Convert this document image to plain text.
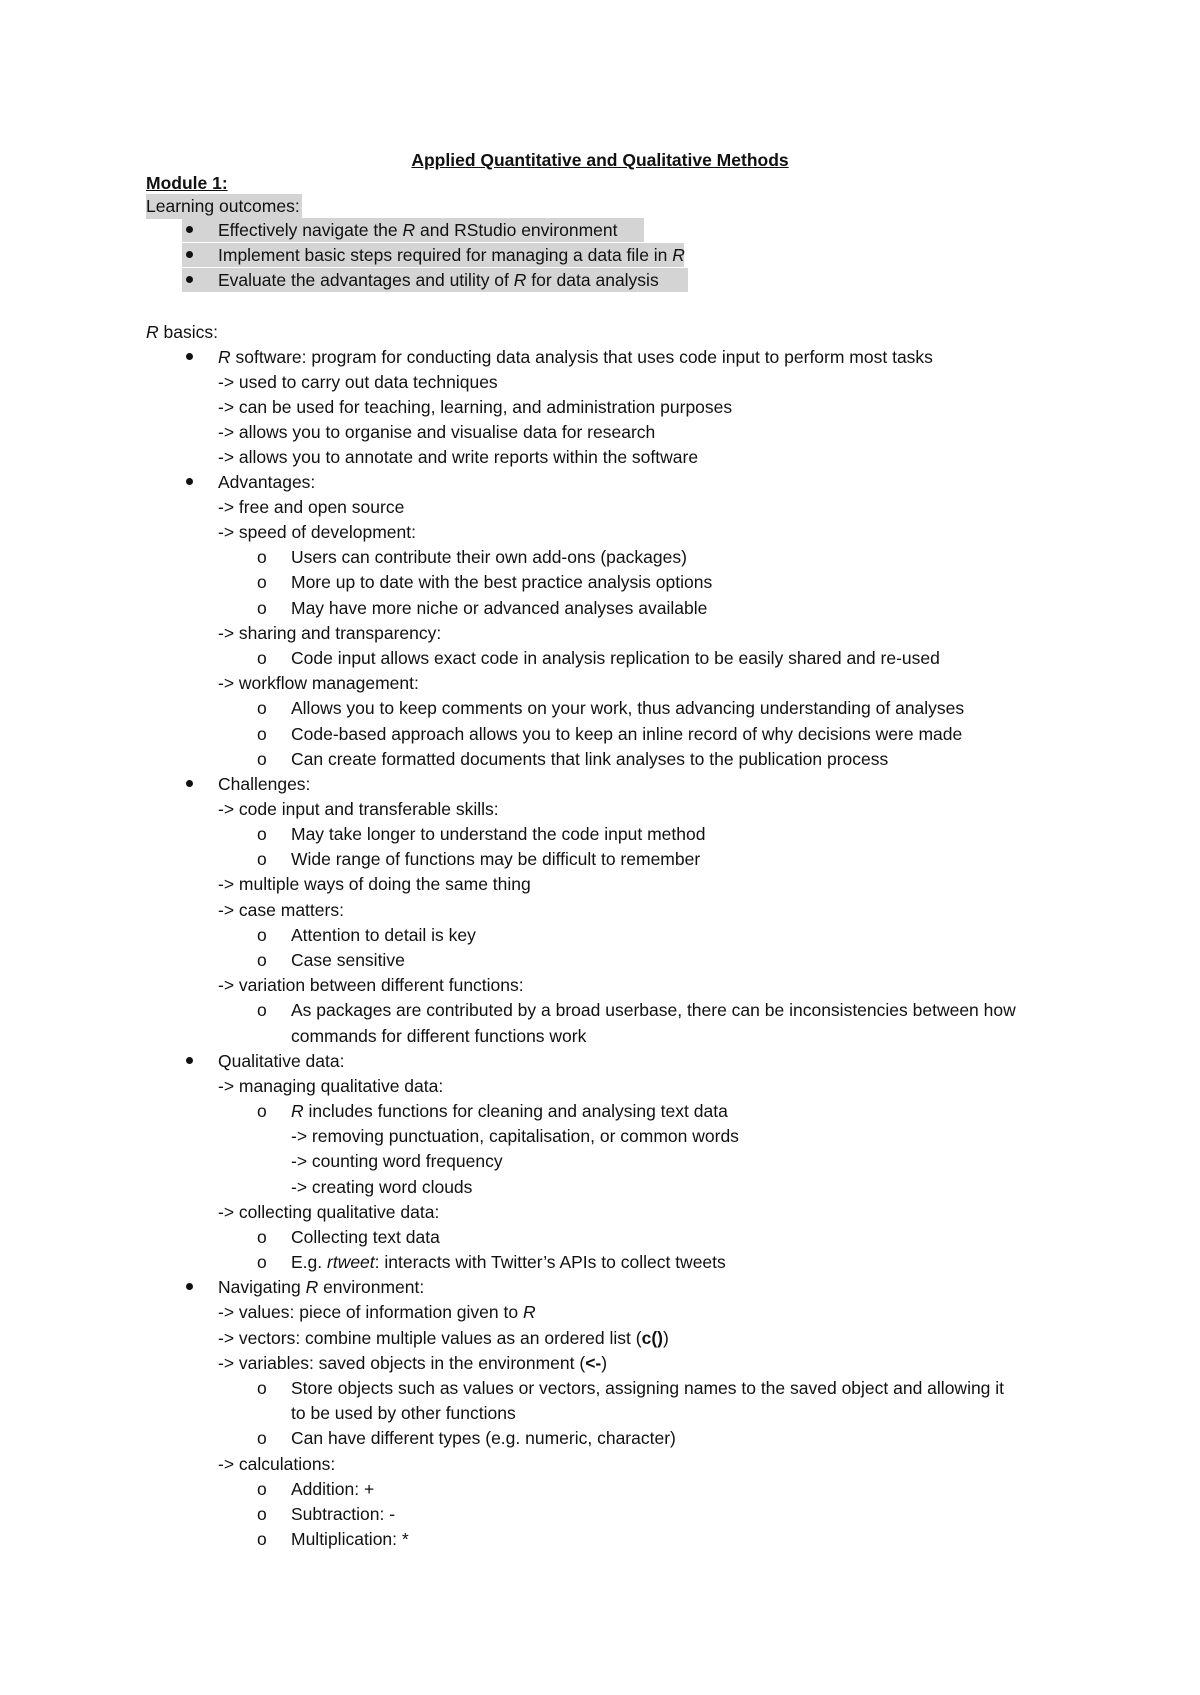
Applied Quantitative and Qualitative Methods
Module 1:
Learning outcomes:
Effectively navigate the R and RStudio environment
Implement basic steps required for managing a data file in R
Evaluate the advantages and utility of R for data analysis
R basics:
R software: program for conducting data analysis that uses code input to perform most tasks
-> used to carry out data techniques
-> can be used for teaching, learning, and administration purposes
-> allows you to organise and visualise data for research
-> allows you to annotate and write reports within the software
Advantages:
-> free and open source
-> speed of development:
o Users can contribute their own add-ons (packages)
o More up to date with the best practice analysis options
o May have more niche or advanced analyses available
-> sharing and transparency:
o Code input allows exact code in analysis replication to be easily shared and re-used
-> workflow management:
o Allows you to keep comments on your work, thus advancing understanding of analyses
o Code-based approach allows you to keep an inline record of why decisions were made
o Can create formatted documents that link analyses to the publication process
Challenges:
-> code input and transferable skills:
o May take longer to understand the code input method
o Wide range of functions may be difficult to remember
-> multiple ways of doing the same thing
-> case matters:
o Attention to detail is key
o Case sensitive
-> variation between different functions:
o As packages are contributed by a broad userbase, there can be inconsistencies between how
commands for different functions work
Qualitative data:
-> managing qualitative data:
o R includes functions for cleaning and analysing text data
-> removing punctuation, capitalisation, or common words
-> counting word frequency
-> creating word clouds
-> collecting qualitative data:
o Collecting text data
o E.g. rtweet: interacts with Twitter’s APIs to collect tweets
Navigating R environment:
-> values: piece of information given to R
-> vectors: combine multiple values as an ordered list (c())
-> variables: saved objects in the environment (<-)
o Store objects such as values or vectors, assigning names to the saved object and allowing it
to be used by other functions
o Can have different types (e.g. numeric, character)
-> calculations:
o Addition: +
o Subtraction: -
o Multiplication: *
